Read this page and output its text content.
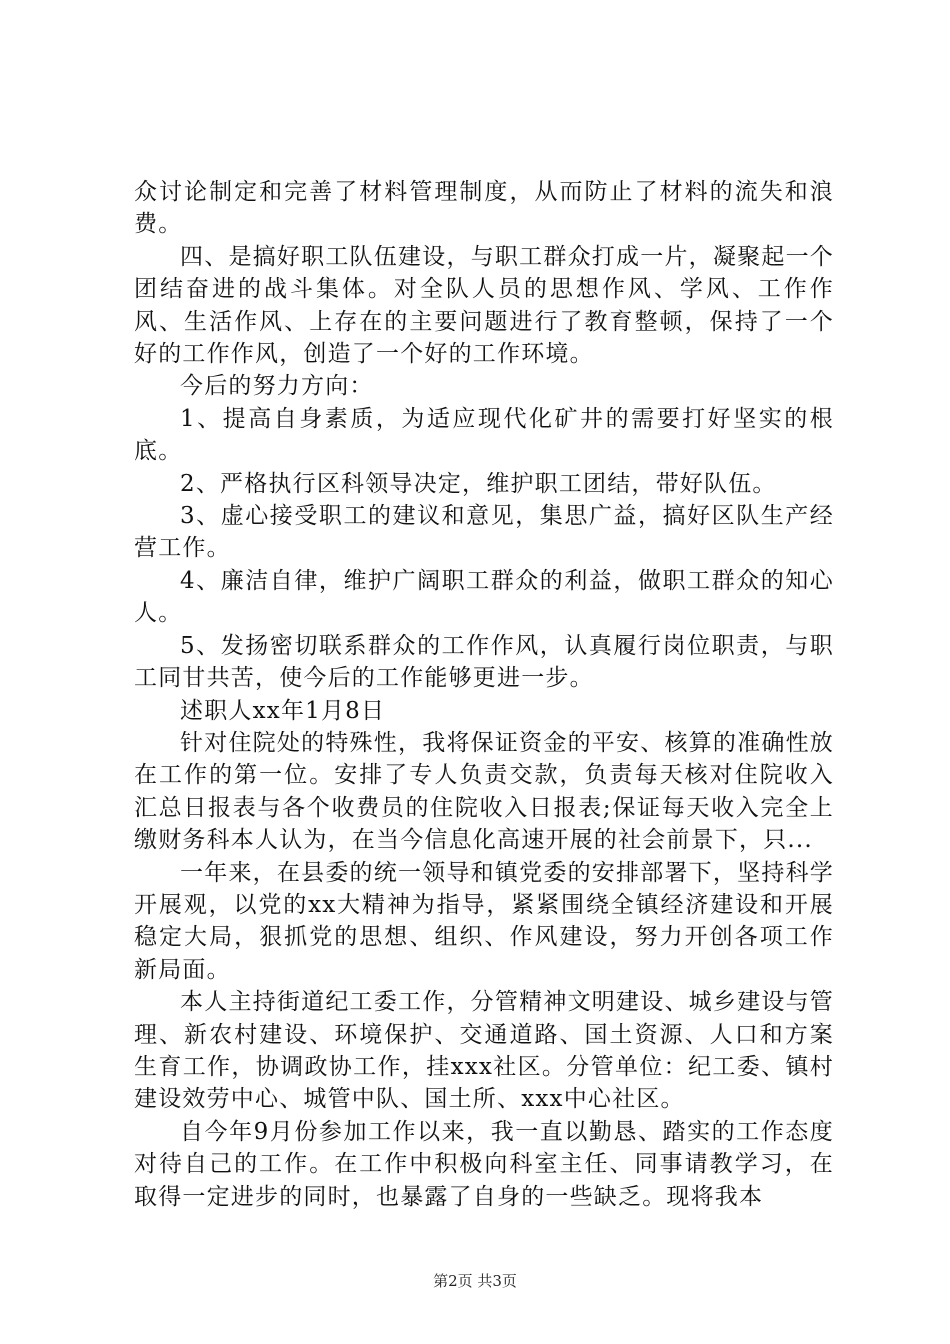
众讨论制定和完善了材料管理制度，从而防止了材料的流失和浪费。

四、是搞好职工队伍建设，与职工群众打成一片，凝聚起一个团结奋进的战斗集体。对全队人员的思想作风、学风、工作作风、生活作风、上存在的主要问题进行了教育整顿，保持了一个好的工作作风，创造了一个好的工作环境。

今后的努力方向：

1、提高自身素质，为适应现代化矿井的需要打好坚实的根底。

2、严格执行区科领导决定，维护职工团结，带好队伍。

3、虚心接受职工的建议和意见，集思广益，搞好区队生产经营工作。

4、廉洁自律，维护广阔职工群众的利益，做职工群众的知心人。

5、发扬密切联系群众的工作作风，认真履行岗位职责，与职工同甘共苦，使今后的工作能够更进一步。

述职人xx年1月8日

针对住院处的特殊性，我将保证资金的平安、核算的准确性放在工作的第一位。安排了专人负责交款，负责每天核对住院收入汇总日报表与各个收费员的住院收入日报表;保证每天收入完全上缴财务科本人认为，在当今信息化高速开展的社会前景下，只...

一年来，在县委的统一领导和镇党委的安排部署下，坚持科学开展观，以党的xx大精神为指导，紧紧围绕全镇经济建设和开展稳定大局，狠抓党的思想、组织、作风建设，努力开创各项工作新局面。

本人主持街道纪工委工作，分管精神文明建设、城乡建设与管理、新农村建设、环境保护、交通道路、国土资源、人口和方案生育工作，协调政协工作，挂xxx社区。分管单位：纪工委、镇村建设效劳中心、城管中队、国土所、xxx中心社区。

自今年9月份参加工作以来，我一直以勤恳、踏实的工作态度对待自己的工作。在工作中积极向科室主任、同事请教学习，在取得一定进步的同时，也暴露了自身的一些缺乏。现将我本

第2页 共3页
